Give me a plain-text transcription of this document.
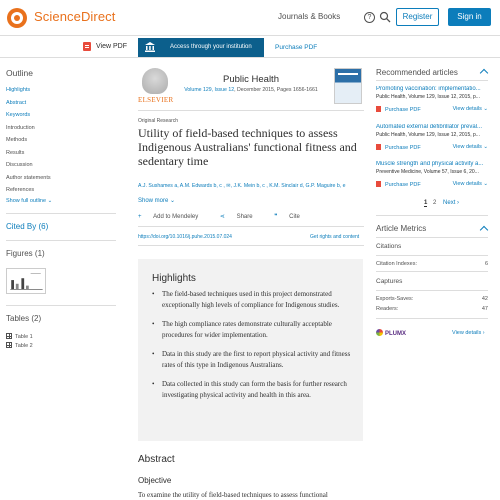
ScienceDirect	Journals & Books	?	Register	Sign in
View PDF	Access through your institution	Purchase PDF
Outline
Highlights
Abstract
Keywords
Introduction
Methods
Results
Discussion
Author statements
References
Show full outline ⌄
Cited By (6)
Figures (1)
Tables (2)
Table 1
Table 2
ELSEVIER
Public Health
Volume 129, Issue 12, December 2015, Pages 1656-1661
Original Research
Utility of field-based techniques to assess Indigenous Australians' functional fitness and sedentary time
A.J. Sushames a, A.M. Edwards b, c , ✉, J.K. Mein b, c , K.M. Sinclair d, G.P. Maguire b, e
Show more ⌄
+ Add to Mendeley	⋖ Share	❞ Cite
https://doi.org/10.1016/j.puhe.2015.07.024	Get rights and content
Highlights
• The field-based techniques used in this project demonstrated exceptionally high levels of compliance for Indigenous studies.
• The high compliance rates demonstrate culturally acceptable procedures for wider implementation.
• Data in this study are the first to report physical activity and fitness rates of this type in Indigenous Australians.
• Data collected in this study can form the basis for further research investigating physical activity and health in this area.
Abstract
Objective
To examine the utility of field-based techniques to assess functional
Recommended articles
Promoting vaccination: implementatio...
Public Health, Volume 129, Issue 12, 2015, p...
Purchase PDF	View details ⌄
Automated external defibrillator preval...
Public Health, Volume 129, Issue 12, 2015, p...
Purchase PDF	View details ⌄
Muscle strength and physical activity a...
Preventive Medicine, Volume 57, Issue 6, 20...
Purchase PDF	View details ⌄
1 2 Next ›
Article Metrics
Citations
Citation Indexes:	6
Captures
Exports-Saves:	42
Readers:	47
PLUMX	View details ›
